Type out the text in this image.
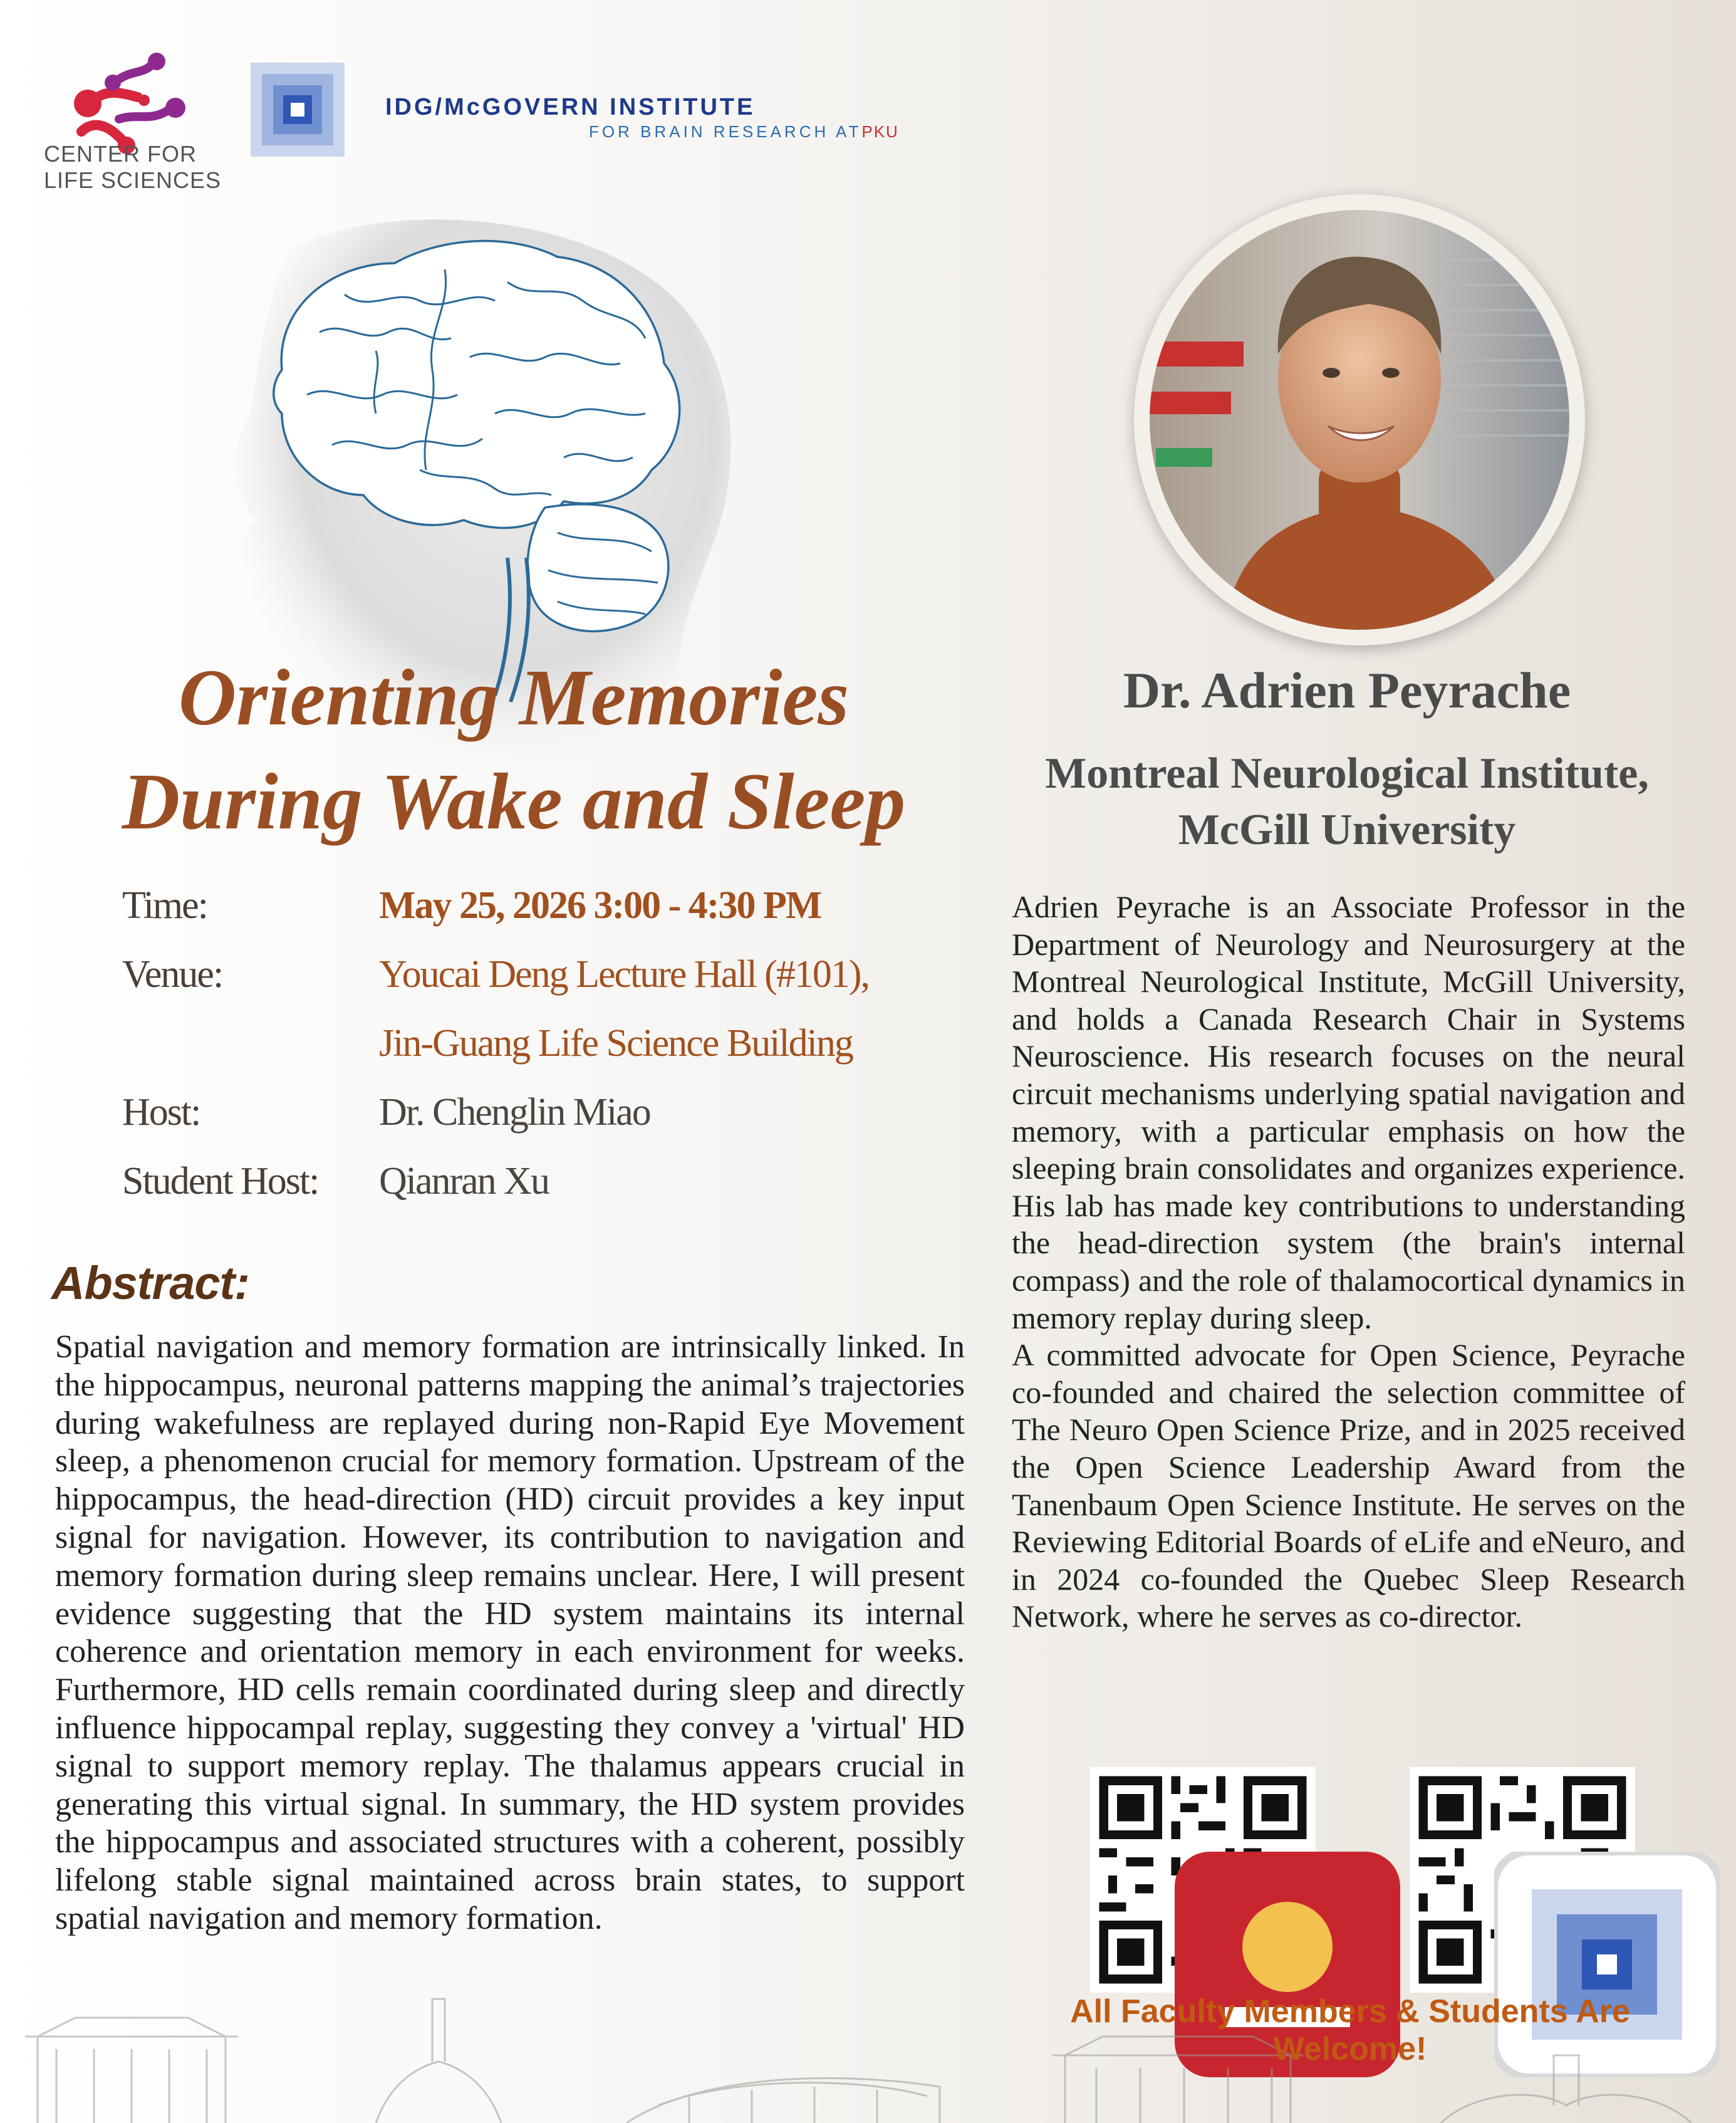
CENTER FOR
LIFE SCIENCES
IDG/McGOVERN INSTITUTE
FOR BRAIN RESEARCH ATPKU
Orienting Memories
During Wake and Sleep
Time:	May 25, 2026 3:00 - 4:30 PM
Venue:	Youcai Deng Lecture Hall (#101),
Jin-Guang Life Science Building
Host:	Dr. Chenglin Miao
Student Host: Qianran Xu
Abstract:

Spatial navigation and memory formation are intrinsically linked. In the hippocampus, neuronal patterns mapping the animal’s trajectories during wakefulness are replayed during non-Rapid Eye Movement sleep, a phenomenon crucial for memory formation. Upstream of the hippocampus, the head-direction (HD) circuit provides a key input signal for navigation. However, its contribution to navigation and memory formation during sleep remains unclear. Here, I will present evidence suggesting that the HD system maintains its internal coherence and orientation memory in each environment for weeks. Furthermore, HD cells remain coordinated during sleep and directly influence hippocampal replay, suggesting they convey a 'virtual' HD signal to support memory replay. The thalamus appears crucial in generating this virtual signal. In summary, the HD system provides the hippocampus and associated structures with a coherent, possibly lifelong stable signal maintained across brain states, to support spatial navigation and memory formation.

Dr. Adrien Peyrache
Montreal Neurological Institute,
McGill University

Adrien Peyrache is an Associate Professor in the Department of Neurology and Neurosurgery at the Montreal Neurological Institute, McGill University, and holds a Canada Research Chair in Systems Neuroscience. His research focuses on the neural circuit mechanisms underlying spatial navigation and memory, with a particular emphasis on how the sleeping brain consolidates and organizes experience. His lab has made key contributions to understanding the head-direction system (the brain's internal compass) and the role of thalamocortical dynamics in memory replay during sleep.

A committed advocate for Open Science, Peyrache co-founded and chaired the selection committee of The Neuro Open Science Prize, and in 2025 received the Open Science Leadership Award from the Tanenbaum Open Science Institute. He serves on the Reviewing Editorial Boards of eLife and eNeuro, and in 2024 co-founded the Quebec Sleep Research Network, where he serves as co-director.

All Faculty Members & Students Are Welcome!
